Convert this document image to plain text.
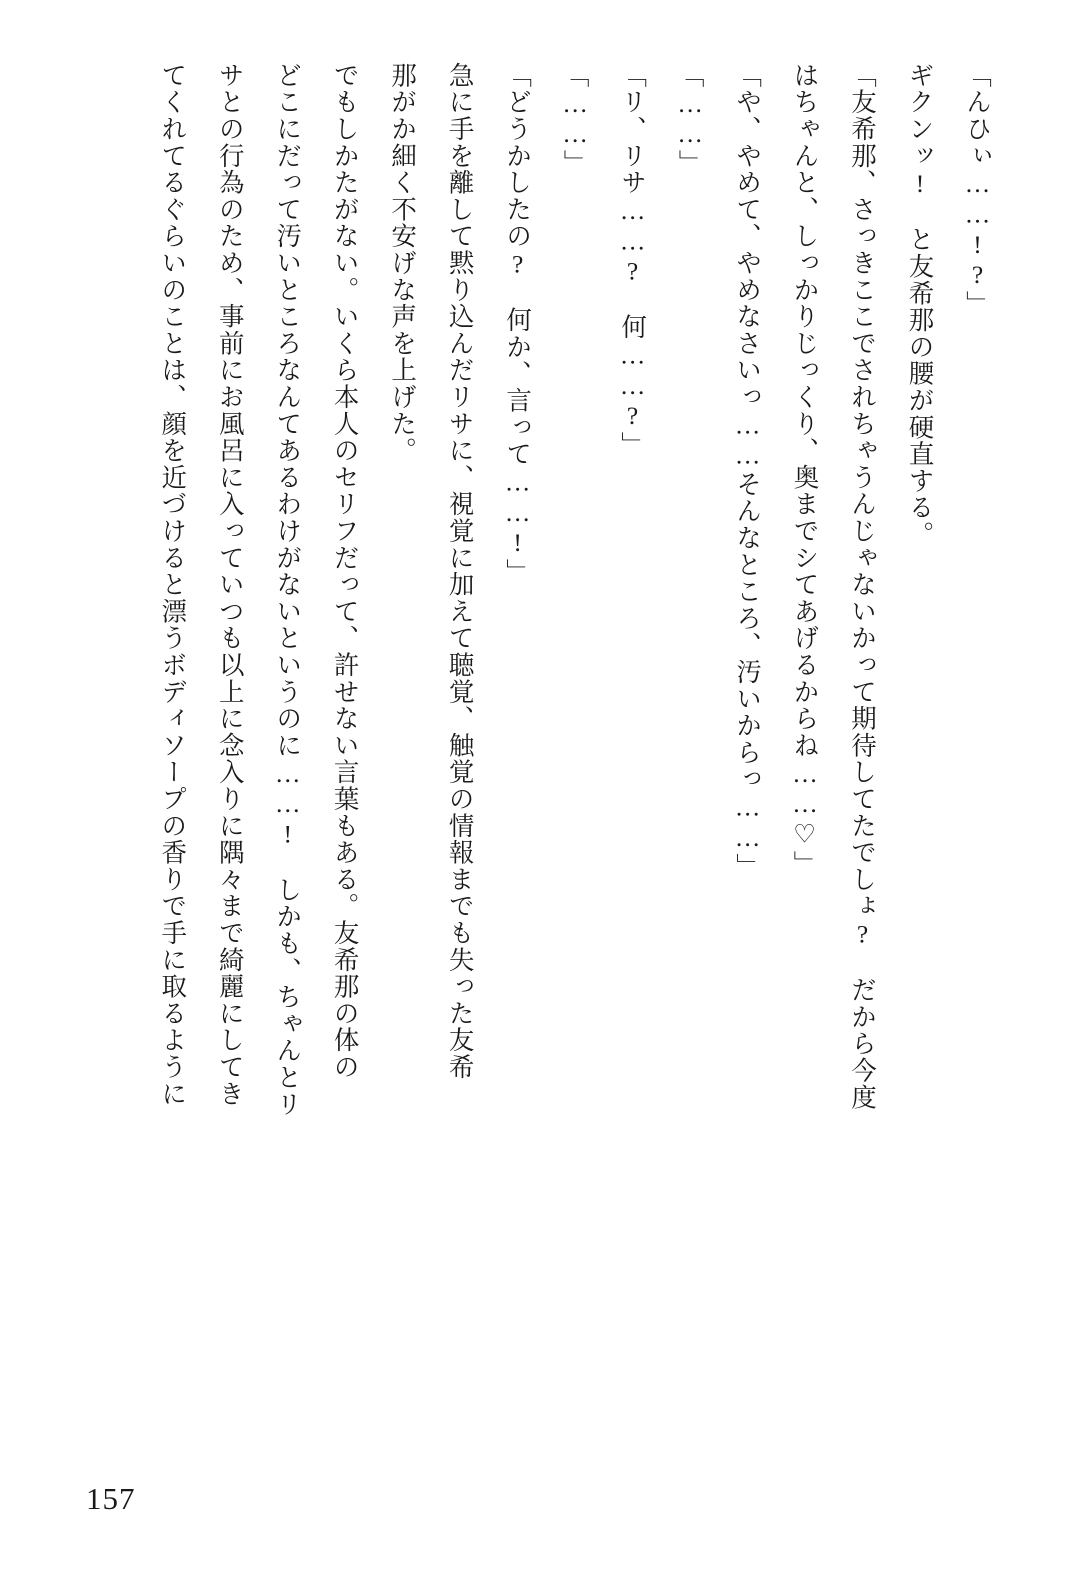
「んひぃ……!?」
ギクンッ!　と友希那の腰が硬直する。
「友希那、さっきここでされちゃうんじゃないかって期待してたでしょ?　だから今度
はちゃんと、しっかりじっくり、奥までシてあげるからね……♡」
「や、やめて、やめなさいっ……そんなところ、汚いからっ……」
「……」
「リ、リサ……?　何……?」
「……」
「どうかしたの?　何か、言って……!」
急に手を離して黙り込んだリサに、視覚に加えて聴覚、触覚の情報までも失った友希
那がか細く不安げな声を上げた。
でもしかたがない。いくら本人のセリフだって、許せない言葉もある。友希那の体の
どこにだって汚いところなんてあるわけがないというのに……!　しかも、ちゃんとリ
サとの行為のため、事前にお風呂に入っていつも以上に念入りに隅々まで綺麗にしてき
てくれてるぐらいのことは、顔を近づけると漂うボディソープの香りで手に取るように
157
